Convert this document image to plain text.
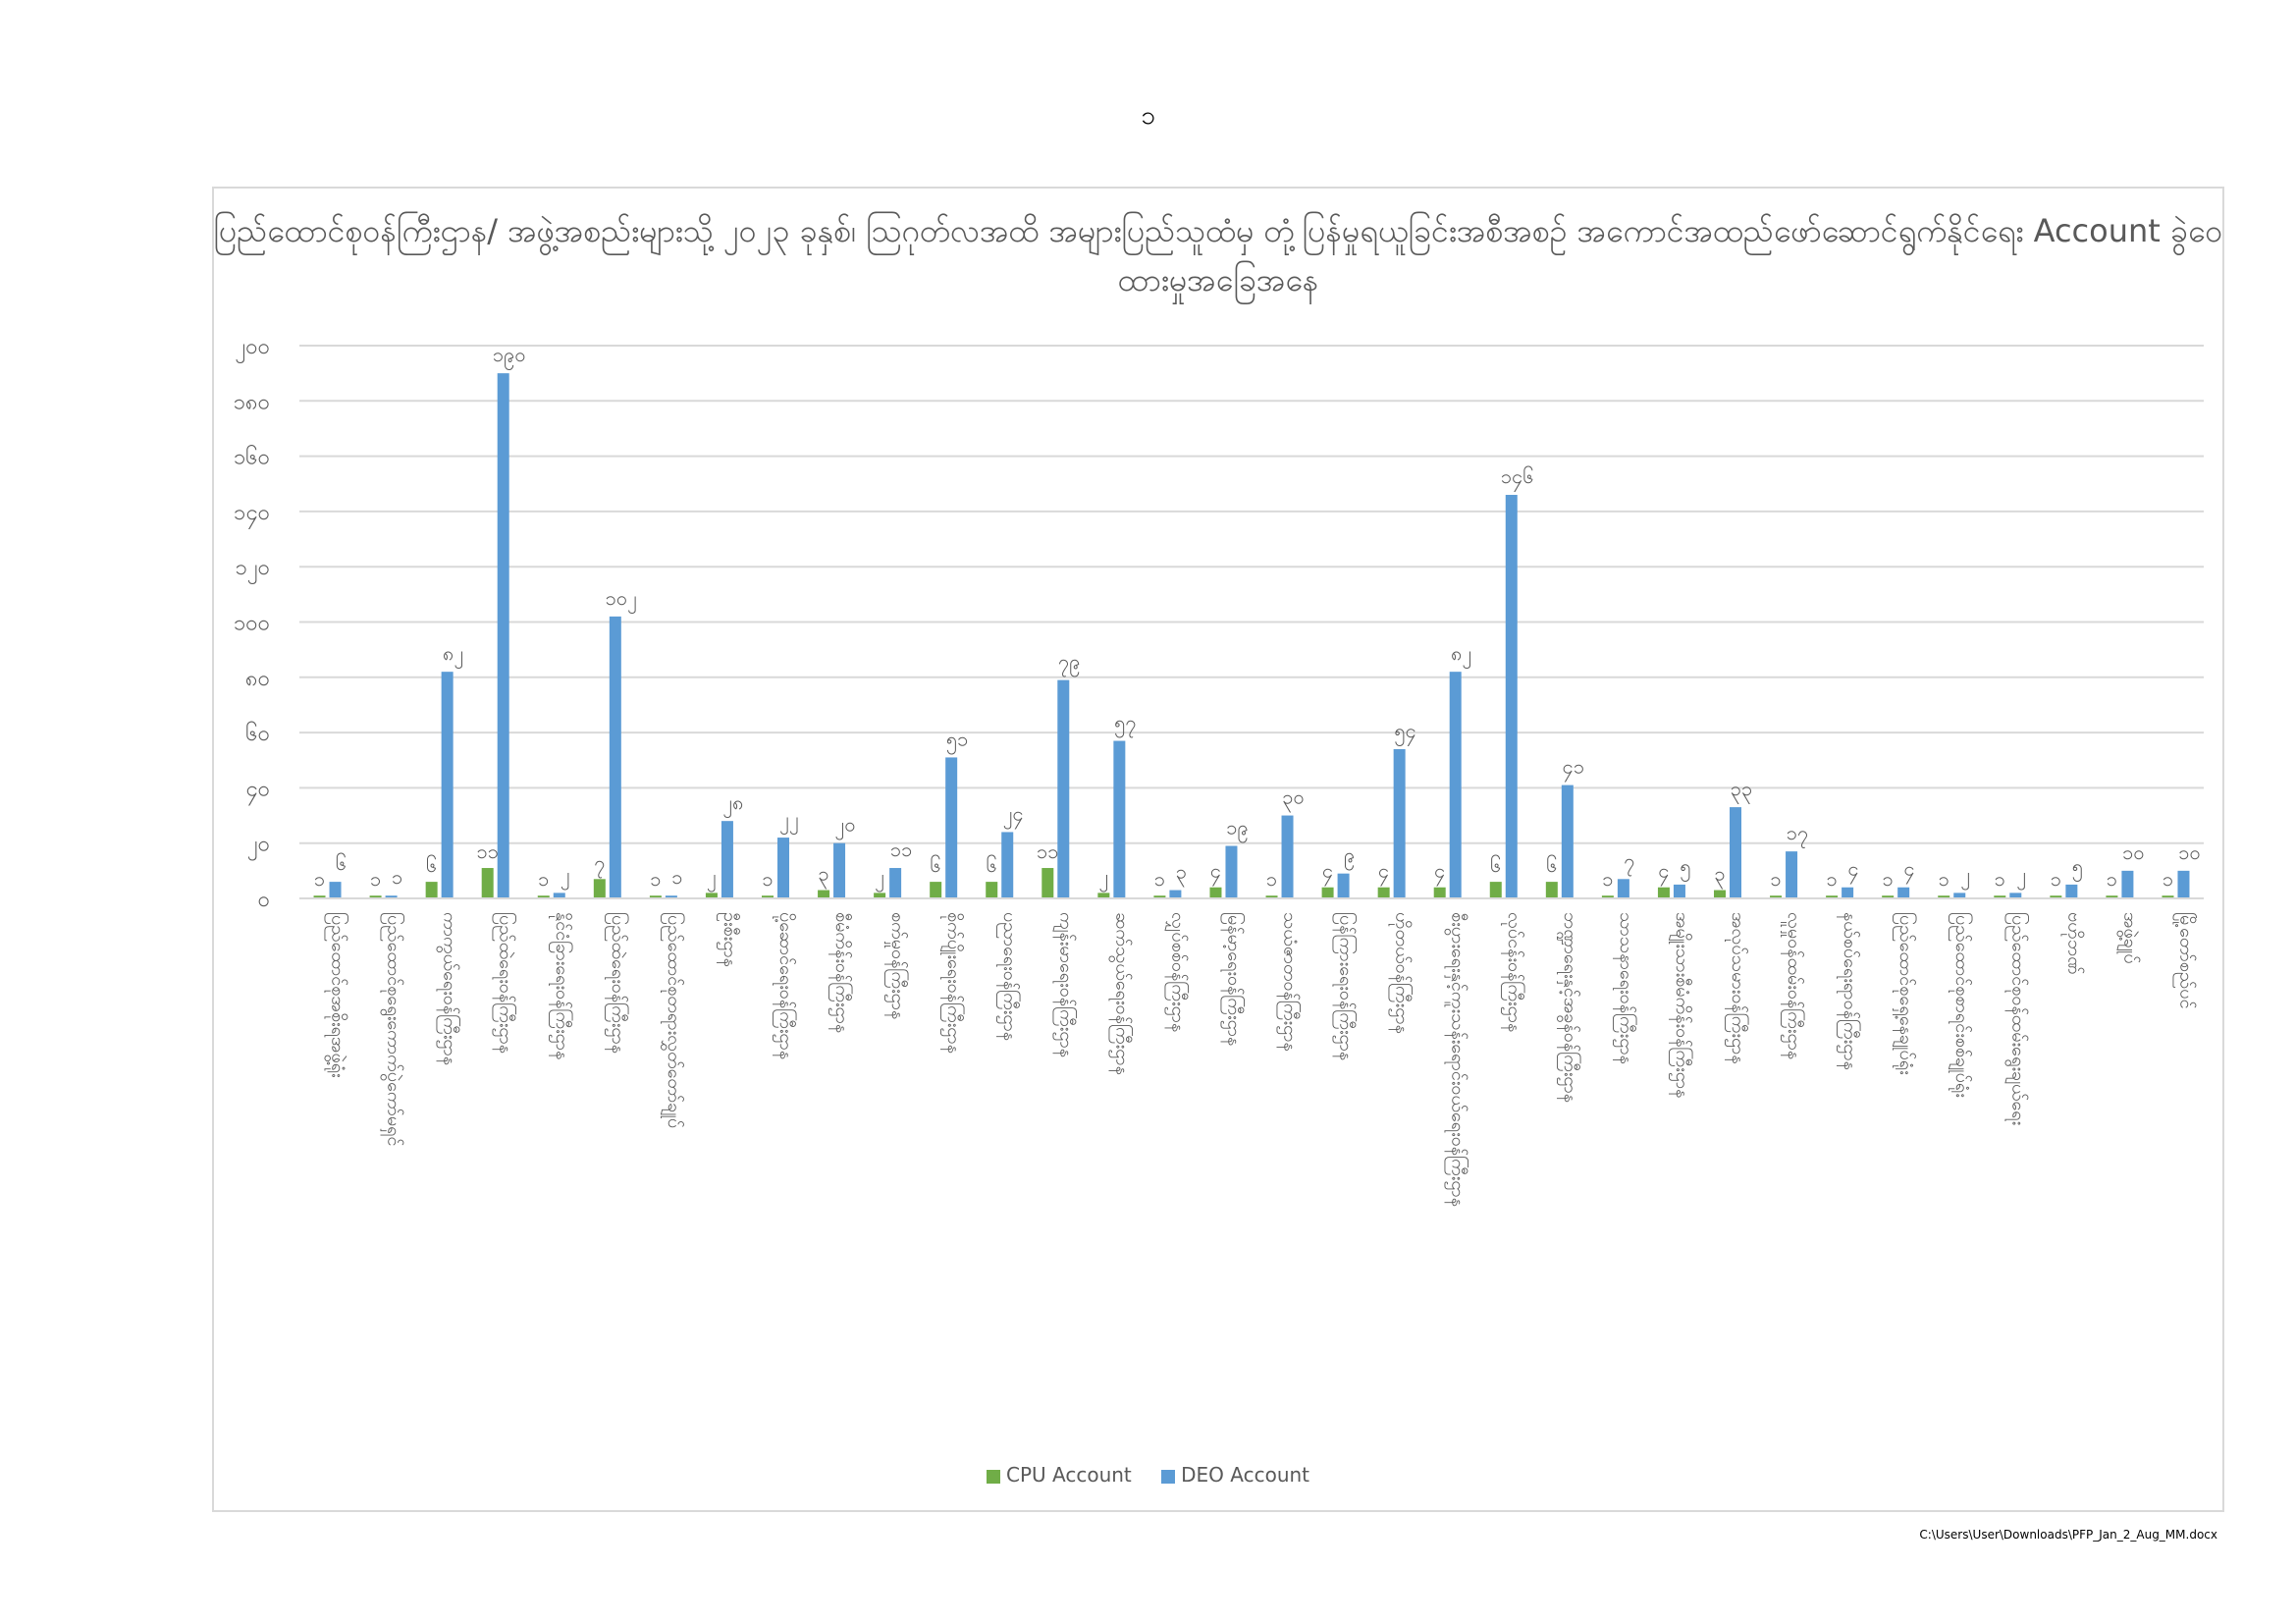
၁
ပြည်ထောင်စုဝန်ကြီးဌာန/ အဖွဲ့အစည်းများသို့ ၂၀၂၃ ခုနှစ်၊ ဩဂုတ်လအထိ အများပြည်သူထံမှ တုံ့ပြန်မှုရယူခြင်းအစီအစဉ် အကောင်အထည်ဖော်ဆောင်ရွက်နိုင်ရေး Account ခွဲဝေထားမှုအခြေအနေ
၀
၂၀
၄၀
၆၀
၈၀
၁၀၀
၁၂၀
၁၄၀
၁၆၀
၁၈၀
၂၀၀
၁
၆
ပြည်ထောင်စုအစိုးရအဖွဲ့ရုံး
၁ ၁
ပြည်ထောင်စုရွေးကောက်ပွဲကော်မရှင်
၆
၈၂
ကာကွယ်ရေးဝန်ကြီးဌာန
၁၁
၁၉၀
ပြည်ထဲရေးဝန်ကြီးဌာန
၁ ၂
နိုင်ငံခြားရေးဝန်ကြီးဌာန
၇
၁၀၂
ပြည်ထဲရေးဝန်ကြီးဌာန
၁ ၁
ပြည်ထောင်စုတရားလွှတ်တော်ချုပ်
၂
၂၈
ဦးစီးဌာန
၁
၂၂
ပို့ဆောင်ရေးဝန်ကြီးဌာန
၃
၂၀
စီမံကိန်းဝန်ကြီးဌာန
၂
၁၁
စက်မှုဝန်ကြီးဌာန
၆
၅၁
စိုက်ပျိုးရေးဝန်ကြီးဌာန
၆
၂၄
ပညာရေးဝန်ကြီးဌာန
၁၁
၇၉
ကျန်းမာရေးဝန်ကြီးဌာန
၂
၅၇
ဆက်သွယ်ရေးဝန်ကြီးဌာန
၁ ၃
လျှပ်စစ်ဝန်ကြီးဌာန
၄
၁၉
မြန်မာ့ရေးဝန်ကြီးဌာန
၁
၃၀
သယံဇာတဝန်ကြီးဌာန
၄
၉
ပြန်ကြားရေးဝန်ကြီးဌာန
၄
၅၄
ဟိုတယ်ဝန်ကြီးဌာန
၄
၈၂
စီးပွားရေးနှင့်ကူးသန်းရောင်းဝယ်ရေးဝန်ကြီးဌာန
၆
၁၄၆
လုပ်ငန်းဝန်ကြီးဌာန
၆
၄၁
ဘဏ္ဍာရေးနှင့်အခွန်ဝန်ကြီးဌာန
၁
၇
သာသနာရေးဝန်ကြီးဌာန
၄ ၅
အမျိုးသားစီမံကိန်းဝန်ကြီးဌာန
၃
၃၃
အလုပ်သမားဝန်ကြီးဌာန
၁
၁၇
လူမှုဝန်ထမ်းဝန်ကြီးဌာန
၁ ၄
နယ်စပ်ရေးရာဝန်ကြီးဌာန
၁ ၄
ပြည်ထောင်စုရှေ့နေချုပ်ရုံး
၁ ၂
ပြည်ထောင်စုစာရင်းစစ်ချုပ်ရုံး
၁ ၂
ပြည်ထောင်စုဝန်ထမ်းရွေးချယ်ရေး
၁
၅
ဗဟိုဘဏ်
၁
၁၀
အဖွဲ့ချုပ်
၁
၁၀
မြို့တော်စည်ပင်
CPU Account	DEO Account
C:\Users\User\Downloads\PFP_Jan_2_Aug_MM.docx
